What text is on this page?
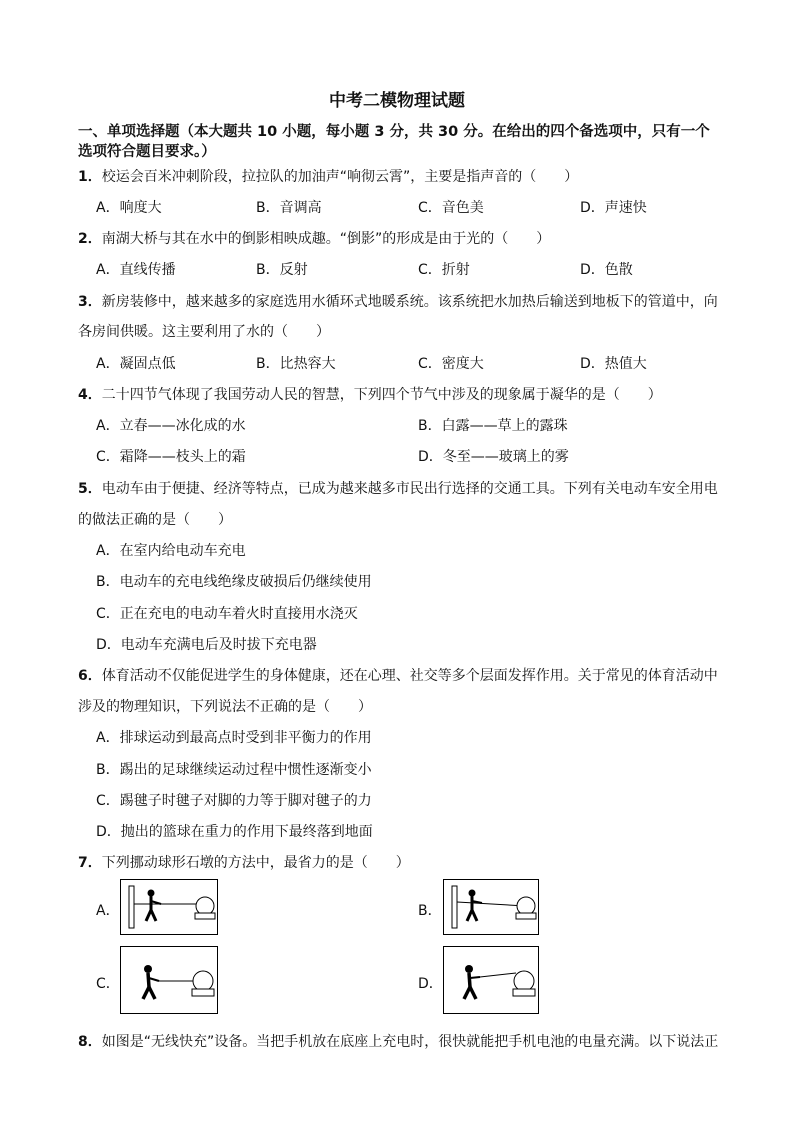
中考二模物理试题
一、单项选择题（本大题共 10 小题，每小题 3 分，共 30 分。在给出的四个备选项中，只有一个
选项符合题目要求。）
1．校运会百米冲刺阶段，拉拉队的加油声“响彻云霄”，主要是指声音的（　　）
A．响度大	B．音调高	C．音色美	D．声速快
2．南湖大桥与其在水中的倒影相映成趣。“倒影”的形成是由于光的（　　）
A．直线传播	B．反射	C．折射	D．色散
3．新房装修中，越来越多的家庭选用水循环式地暖系统。该系统把水加热后输送到地板下的管道中，向
各房间供暖。这主要利用了水的（　　）
A．凝固点低	B．比热容大	C．密度大	D．热值大
4．二十四节气体现了我国劳动人民的智慧，下列四个节气中涉及的现象属于凝华的是（　　）
A．立春——冰化成的水	B．白露——草上的露珠
C．霜降——枝头上的霜	D．冬至——玻璃上的雾
5．电动车由于便捷、经济等特点，已成为越来越多市民出行选择的交通工具。下列有关电动车安全用电
的做法正确的是（　　）
A．在室内给电动车充电
B．电动车的充电线绝缘皮破损后仍继续使用
C．正在充电的电动车着火时直接用水浇灭
D．电动车充满电后及时拔下充电器
6．体育活动不仅能促进学生的身体健康，还在心理、社交等多个层面发挥作用。关于常见的体育活动中
涉及的物理知识，下列说法不正确的是（　　）
A．排球运动到最高点时受到非平衡力的作用
B．踢出的足球继续运动过程中惯性逐渐变小
C．踢毽子时毽子对脚的力等于脚对毽子的力
D．抛出的篮球在重力的作用下最终落到地面
7．下列挪动球形石墩的方法中，最省力的是（　　）
A．	B．
C．	D．
8．如图是“无线快充”设备。当把手机放在底座上充电时，很快就能把手机电池的电量充满。以下说法正
